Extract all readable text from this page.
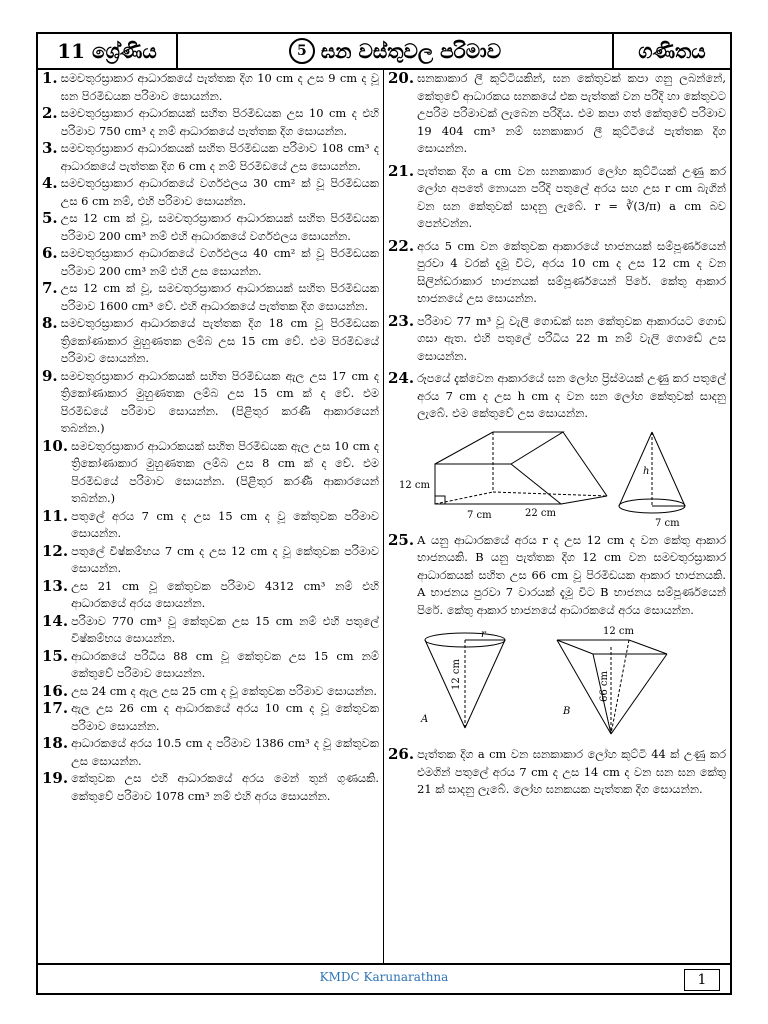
11 ශ්‍රේණිය	5 ඝන වස්තුවල පරිමාව	ගණිතය
1. සමචතුරස්‍රාකාර ආධාරකයේ පැත්තක දිග 10 cm ද උස 9 cm ද වූ ඝන පිරමිඩයක පරිමාව සොයන්න.
2. සමචතුරස්‍රාකාර ආධාරකයක් සහිත පිරමිඩයක උස 10 cm ද එහි පරිමාව 750 cm³ ද නම් ආධාරකයේ පැත්තක දිග සොයන්න.
3. සමචතුරස්‍රාකාර ආධාරකයක් සහිත පිරමිඩයක පරිමාව 108 cm³ ද ආධාරකයේ පැත්තක දිග 6 cm ද නම් පිරමිඩයේ උස සොයන්න.
4. සමචතුරස්‍රාකාර ආධාරකයේ වර්ගඵලය 30 cm² ක් වූ පිරමිඩයක උස 6 cm නම්, එහි පරිමාව සොයන්න.
5. උස 12 cm ක් වූ, සමචතුරස්‍රාකාර ආධාරකයක් සහිත පිරමිඩයක පරිමාව 200 cm³ නම් එහි ආධාරකයේ වර්ගඵලය සොයන්න.
6. සමචතුරස්‍රාකාර ආධාරකයේ වර්ගඵලය 40 cm² ක් වූ පිරමිඩයක පරිමාව 200 cm³ නම් එහි උස සොයන්න.
7. උස 12 cm ක් වූ, සමචතුරස්‍රාකාර ආධාරකයක් සහිත පිරමිඩයක පරිමාව 1600 cm³ වේ. එහි ආධාරකයේ පැත්තක දිග සොයන්න.
8. සමචතුරස්‍රාකාර ආධාරකයේ පැත්තක දිග 18 cm වූ පිරමිඩයක ත්‍රිකෝණාකාර මුහුණතක ලම්බ උස 15 cm වේ. එම පිරමිඩයේ පරිමාව සොයන්න.
9. සමචතුරස්‍රාකාර ආධාරකයක් සහිත පිරමිඩයක ඇල උස 17 cm ද ත්‍රිකෝණාකාර මුහුණතක ලම්බ උස 15 cm ක් ද වේ. එම පිරමිඩයේ පරිමාව සොයන්න. (පිළිතුර කරණී ආකාරයෙන් තබන්න.)
10. සමචතුරස්‍රාකාර ආධාරකයක් සහිත පිරමිඩයක ඇල උස 10 cm ද ත්‍රිකෝණාකාර මුහුණතක ලම්බ උස 8 cm ක් ද වේ. එම පිරමිඩයේ පරිමාව සොයන්න. (පිළිතුර කරණී ආකාරයෙන් තබන්න.)
11. පතුලේ අරය 7 cm ද උස 15 cm ද වූ කේතුවක පරිමාව සොයන්න.
12. පතුලේ විෂ්කම්භය 7 cm ද උස 12 cm ද වූ කේතුවක පරිමාව සොයන්න.
13. උස 21 cm වූ කේතුවක පරිමාව 4312 cm³ නම් එහි ආධාරකයේ අරය සොයන්න.
14. පරිමාව 770 cm³ වූ කේතුවක උස 15 cm නම් එහි පතුලේ විෂ්කම්භය සොයන්න.
15. ආධාරකයේ පරිධිය 88 cm වූ කේතුවක උස 15 cm නම් කේතුවේ පරිමාව සොයන්න.
16. උස 24 cm ද ඇල උස 25 cm ද වූ කේතුවක පරිමාව සොයන්න.
17. ඇල උස 26 cm ද ආධාරකයේ අරය 10 cm ද වූ කේතුවක පරිමාව සොයන්න.
18. ආධාරකයේ අරය 10.5 cm ද පරිමාව 1386 cm³ ද වූ කේතුවක උස සොයන්න.
19. කේතුවක උස එහි ආධාරකයේ අරය මෙන් තුන් ගුණයකි. කේතුවේ පරිමාව 1078 cm³ නම් එහි අරය සොයන්න.
20. ඝනකාකාර ලී කුට්ටියකින්, ඝන කේතුවක් කපා ගනු ලබන්නේ, කේතුවේ ආධාරකය ඝනකයේ එක පැත්තක් වන පරිදි හා කේතුවට උපරිම පරිමාවක් ලැබෙන පරිදිය. එම කපා ගත් කේතුවේ පරිමාව 19 404 cm³ නම් ඝනකාකාර ලී කුට්ටියේ පැත්තක දිග සොයන්න.
21. පැත්තක දිග a cm වන ඝනකාකාර ලෝහ කුට්ටියක් උණු කර ලෝහ අපතේ නොයන පරිදි පතුලේ අරය සහ උස r cm බැගින් වන ඝන කේතුවක් සාදනු ලැබේ. r = ∛(3/π) a cm බව පෙන්වන්න.
22. අරය 5 cm වන කේතුවක ආකාරයේ භාජනයක් සම්පූර්ණයෙන් පුරවා 4 වරක් දැමූ විට, අරය 10 cm ද උස 12 cm ද වන සිලින්ඩරාකාර භාජනයක් සම්පූර්ණයෙන් පිරේ. කේතු ආකාර භාජනයේ උස සොයන්න.
23. පරිමාව 77 m³ වූ වැලි ගොඩක් ඝන කේතුවක ආකාරයට ගොඩ ගසා ඇත. එහි පතුලේ පරිධිය 22 m නම් වැලි ගොඩේ උස සොයන්න.
24. රූපයේ දැක්වෙන ආකාරයේ ඝන ලෝහ ප්‍රිස්මයක් උණු කර පතුලේ අරය 7 cm ද උස h cm ද වන ඝන ලෝහ කේතුවක් සාදනු ලැබේ. එම කේතුවේ උස සොයන්න.
12 cm
7 cm	22 cm
h
7 cm
25. A යනු ආධාරකයේ අරය r ද උස 12 cm ද වන කේතු ආකාර භාජනයකි. B යනු පැත්තක දිග 12 cm වන සමචතුරස්‍රාකාර ආධාරකයක් සහිත උස 66 cm වූ පිරමිඩයක ආකාර භාජනයකි. A භාජනය පුරවා 7 වාරයක් දැමූ විට B භාජනය සම්පූර්ණයෙන් පිරේ. කේතු ආකාර භාජනයේ ආධාරකයේ අරය සොයන්න.
r
12 cm
A
12 cm
66 cm
B
26. පැත්තක දිග a cm වන ඝනකාකාර ලෝහ කුට්ටි 44 ක් උණු කර එමගින් පතුලේ අරය 7 cm ද උස 14 cm ද වන ඝන ඝන කේතු 21 ක් සාදනු ලැබේ. ලෝහ ඝනකයක පැත්තක දිග සොයන්න.
KMDC Karunarathna	1
